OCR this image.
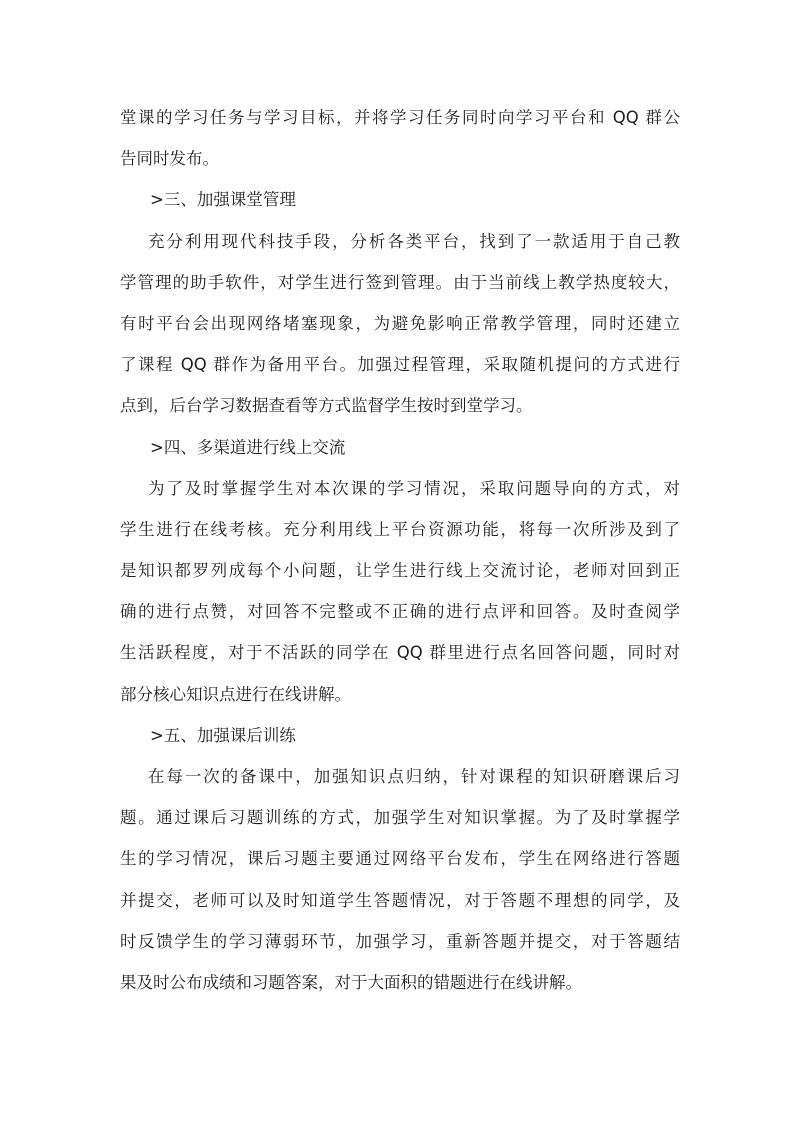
堂课的学习任务与学习目标，并将学习任务同时向学习平台和 QQ 群公
告同时发布。
>三、加强课堂管理
充分利用现代科技手段，分析各类平台，找到了一款适用于自己教
学管理的助手软件，对学生进行签到管理。由于当前线上教学热度较大，
有时平台会出现网络堵塞现象，为避免影响正常教学管理，同时还建立
了课程 QQ 群作为备用平台。加强过程管理，采取随机提问的方式进行
点到，后台学习数据查看等方式监督学生按时到堂学习。
>四、多渠道进行线上交流
为了及时掌握学生对本次课的学习情况，采取问题导向的方式，对
学生进行在线考核。充分利用线上平台资源功能，将每一次所涉及到了
是知识都罗列成每个小问题，让学生进行线上交流讨论，老师对回到正
确的进行点赞，对回答不完整或不正确的进行点评和回答。及时查阅学
生活跃程度，对于不活跃的同学在 QQ 群里进行点名回答问题，同时对
部分核心知识点进行在线讲解。
>五、加强课后训练
在每一次的备课中，加强知识点归纳，针对课程的知识研磨课后习
题。通过课后习题训练的方式，加强学生对知识掌握。为了及时掌握学
生的学习情况，课后习题主要通过网络平台发布，学生在网络进行答题
并提交，老师可以及时知道学生答题情况，对于答题不理想的同学，及
时反馈学生的学习薄弱环节，加强学习，重新答题并提交，对于答题结
果及时公布成绩和习题答案，对于大面积的错题进行在线讲解。
